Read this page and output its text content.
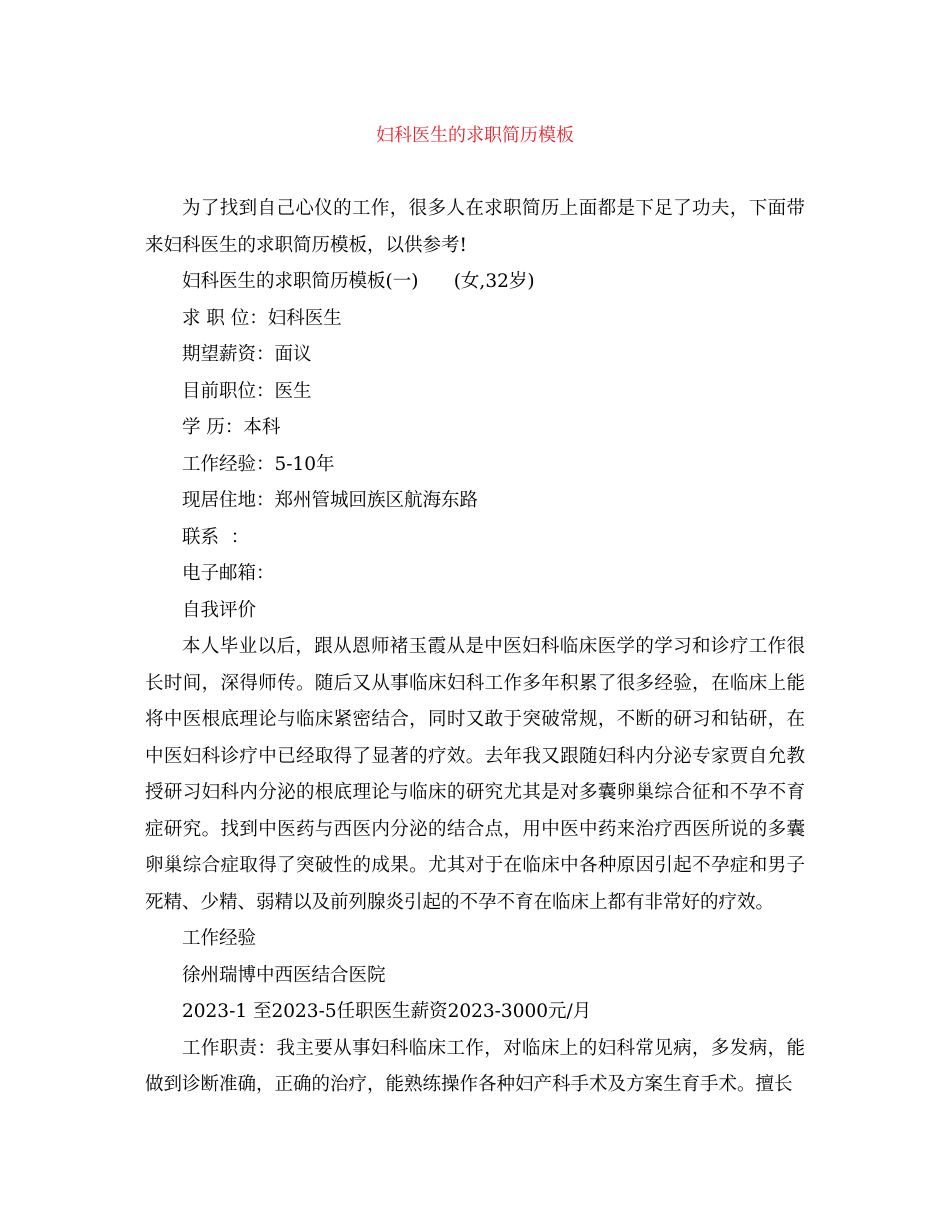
妇科医生的求职简历模板

为了找到自己心仪的工作，很多人在求职简历上面都是下足了功夫，下面带来妇科医生的求职简历模板，以供参考!

妇科医生的求职简历模板(一)      (女,32岁)

求 职 位：妇科医生

期望薪资：面议

目前职位：医生

学 历：本科

工作经验：5-10年

现居住地：郑州管城回族区航海东路

联系  ：

电子邮箱：

自我评价

本人毕业以后，跟从恩师褚玉霞从是中医妇科临床医学的学习和诊疗工作很长时间，深得师传。随后又从事临床妇科工作多年积累了很多经验，在临床上能将中医根底理论与临床紧密结合，同时又敢于突破常规，不断的研习和钻研，在中医妇科诊疗中已经取得了显著的疗效。去年我又跟随妇科内分泌专家贾自允教授研习妇科内分泌的根底理论与临床的研究尤其是对多囊卵巢综合征和不孕不育症研究。找到中医药与西医内分泌的结合点，用中医中药来治疗西医所说的多囊卵巢综合症取得了突破性的成果。尤其对于在临床中各种原因引起不孕症和男子死精、少精、弱精以及前列腺炎引起的不孕不育在临床上都有非常好的疗效。

工作经验

徐州瑞博中西医结合医院

2023-1 至2023-5任职医生薪资2023-3000元/月

工作职责：我主要从事妇科临床工作，对临床上的妇科常见病，多发病，能做到诊断准确，正确的治疗，能熟练操作各种妇产科手术及方案生育手术。擅长
